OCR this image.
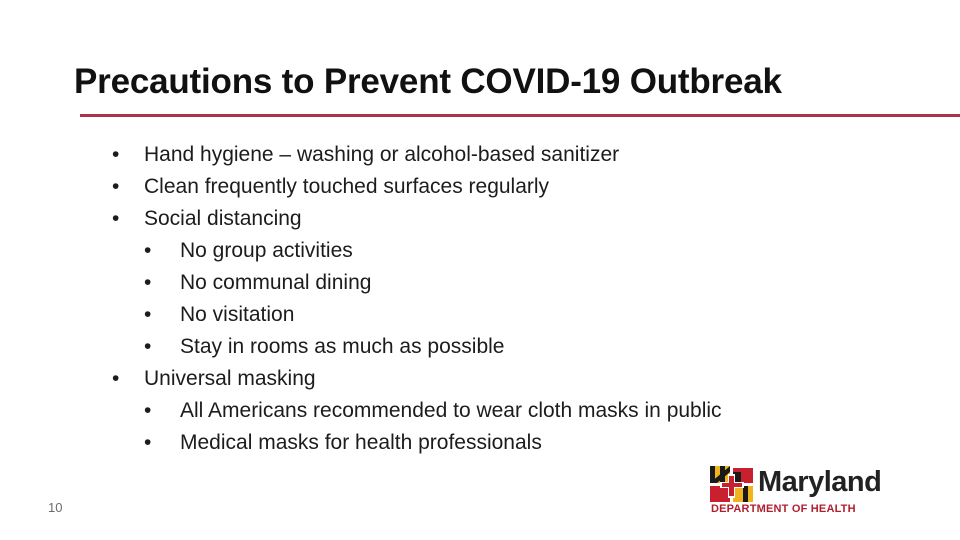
Precautions to Prevent COVID-19 Outbreak
• Hand hygiene – washing or alcohol-based sanitizer
• Clean frequently touched surfaces regularly
• Social distancing
• No group activities
• No communal dining
• No visitation
• Stay in rooms as much as possible
• Universal masking
• All Americans recommended to wear cloth masks in public
• Medical masks for health professionals
10
Maryland
DEPARTMENT OF HEALTH
